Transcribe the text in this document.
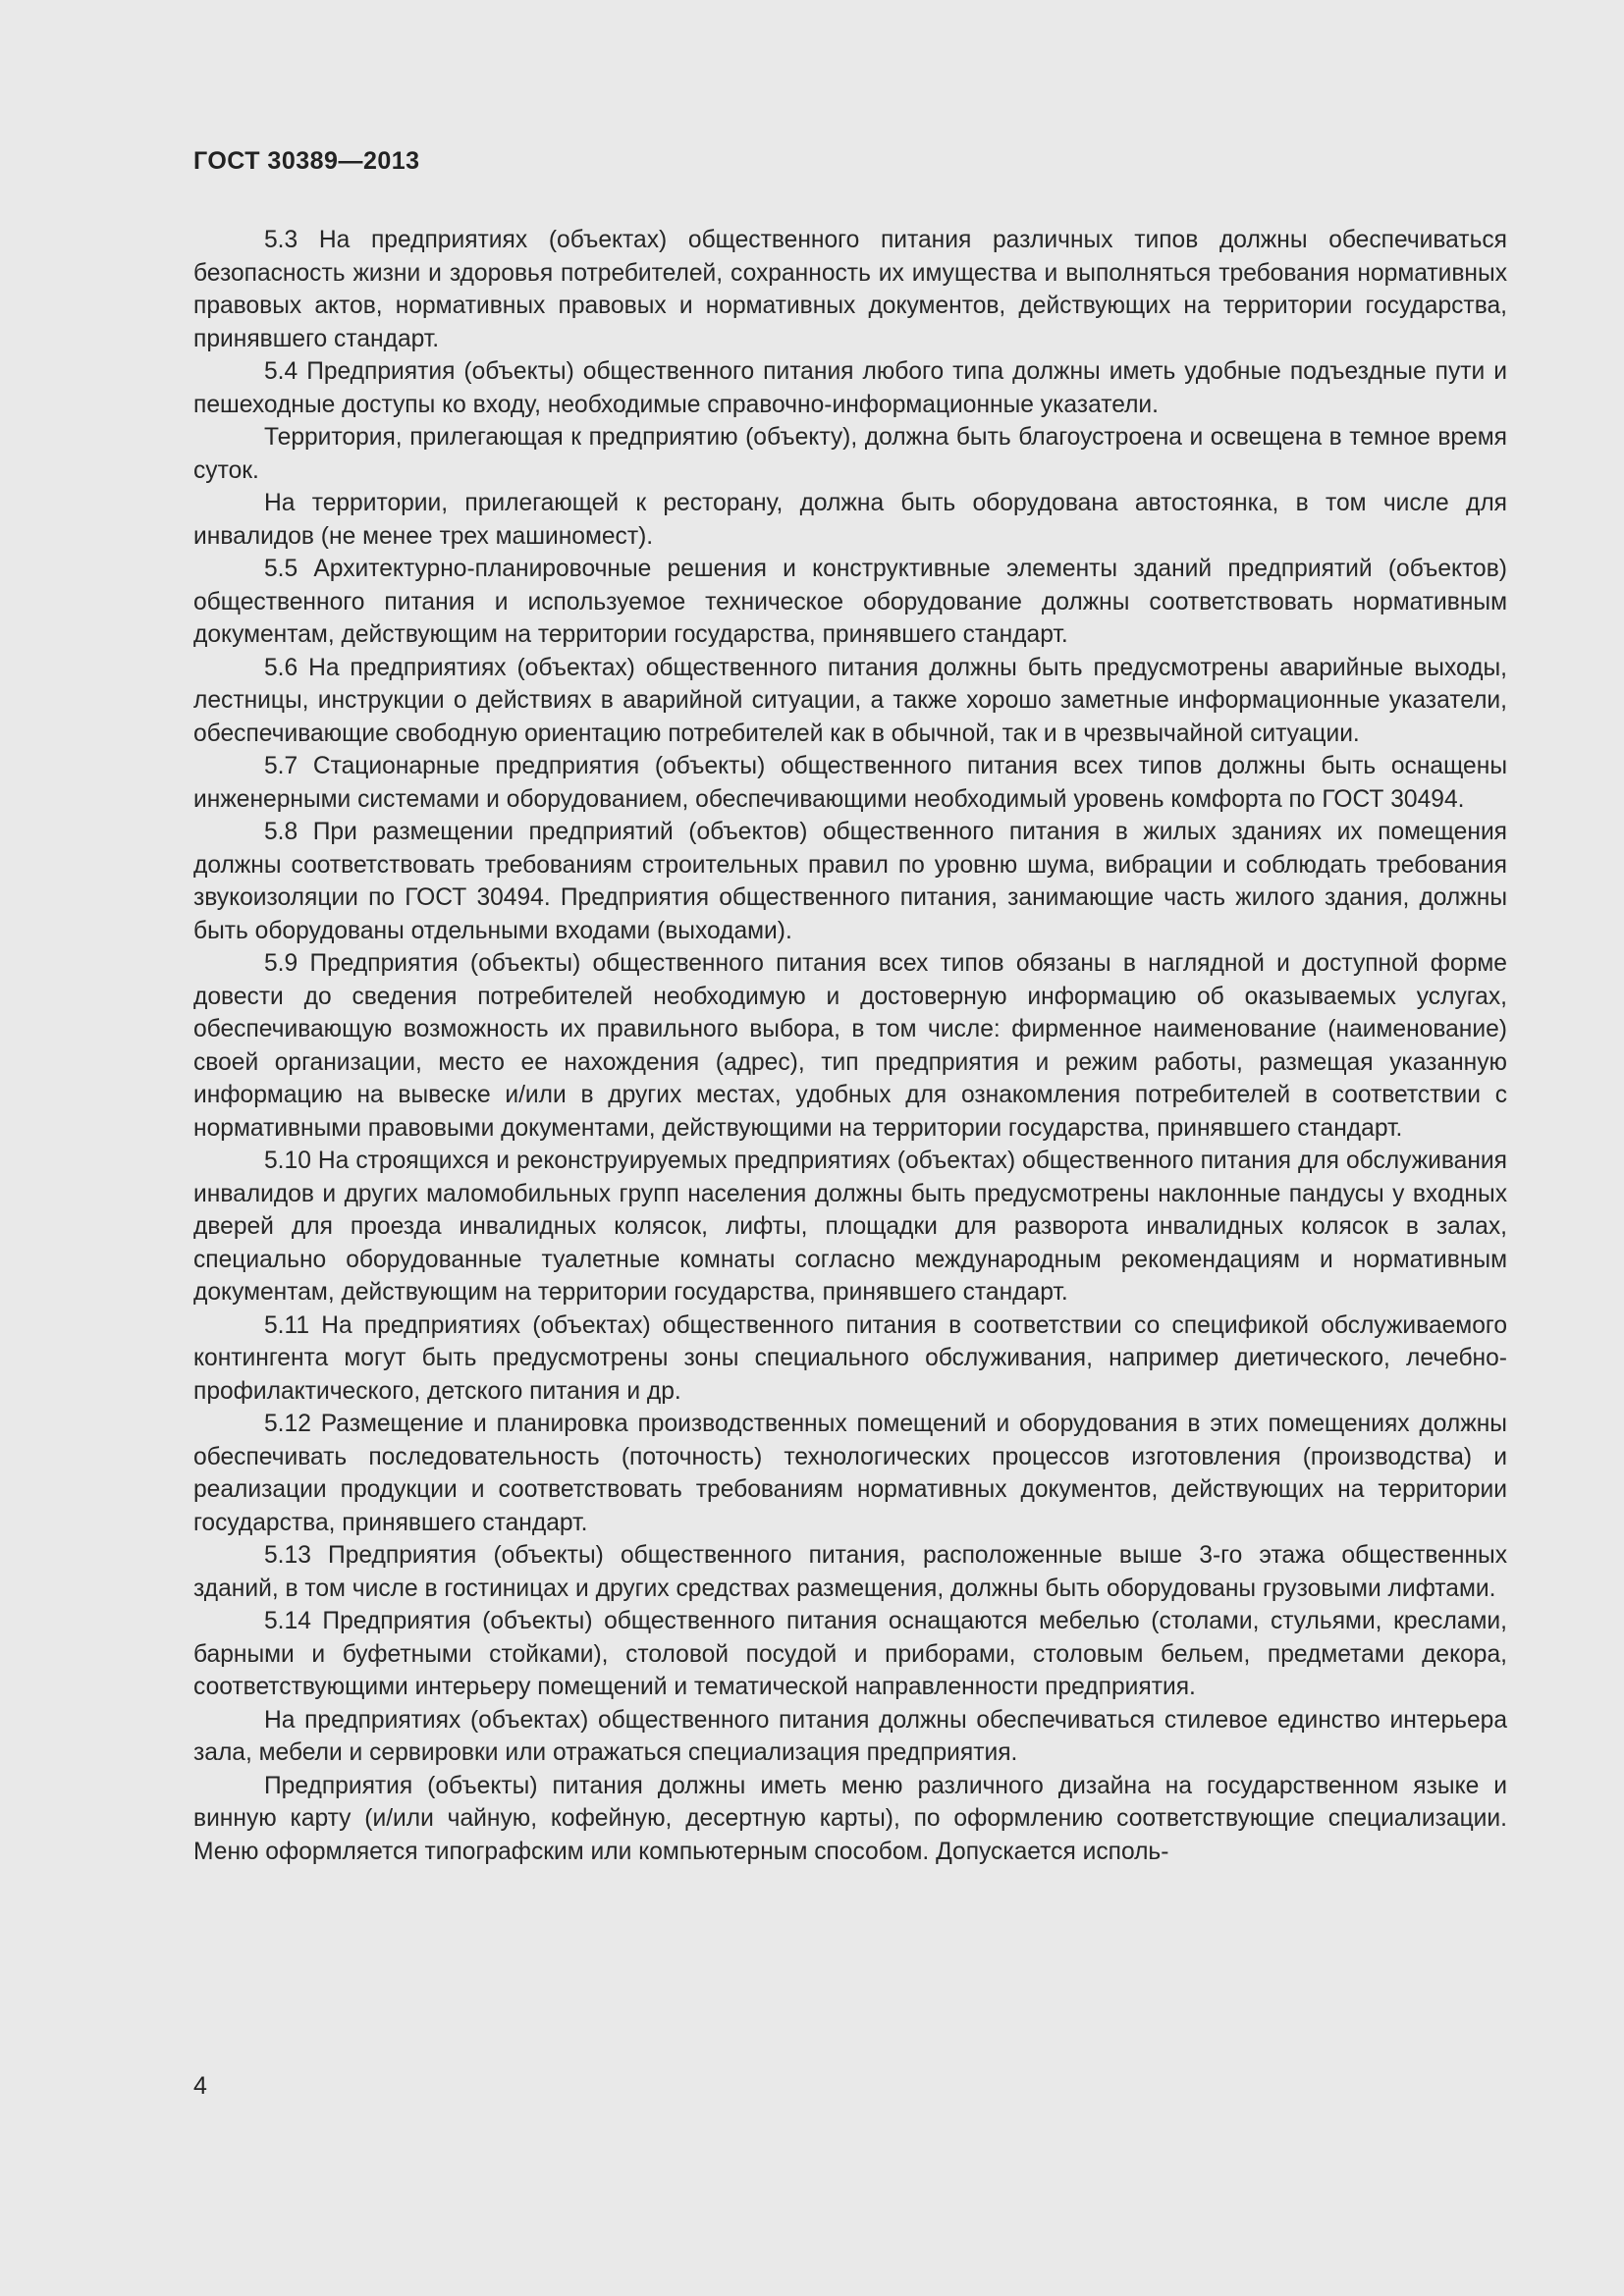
ГОСТ 30389—2013

5.3 На предприятиях (объектах) общественного питания различных типов должны обеспечиваться безопасность жизни и здоровья потребителей, сохранность их имущества и выполняться требования нормативных правовых актов, нормативных правовых и нормативных документов, действующих на территории государства, принявшего стандарт.

5.4 Предприятия (объекты) общественного питания любого типа должны иметь удобные подъездные пути и пешеходные доступы ко входу, необходимые справочно-информационные указатели.

Территория, прилегающая к предприятию (объекту), должна быть благоустроена и освещена в темное время суток.

На территории, прилегающей к ресторану, должна быть оборудована автостоянка, в том числе для инвалидов (не менее трех машиномест).

5.5 Архитектурно-планировочные решения и конструктивные элементы зданий предприятий (объектов) общественного питания и используемое техническое оборудование должны соответствовать нормативным документам, действующим на территории государства, принявшего стандарт.

5.6 На предприятиях (объектах) общественного питания должны быть предусмотрены аварийные выходы, лестницы, инструкции о действиях в аварийной ситуации, а также хорошо заметные информационные указатели, обеспечивающие свободную ориентацию потребителей как в обычной, так и в чрезвычайной ситуации.

5.7 Стационарные предприятия (объекты) общественного питания всех типов должны быть оснащены инженерными системами и оборудованием, обеспечивающими необходимый уровень комфорта по ГОСТ 30494.

5.8 При размещении предприятий (объектов) общественного питания в жилых зданиях их помещения должны соответствовать требованиям строительных правил по уровню шума, вибрации и соблюдать требования звукоизоляции по ГОСТ 30494. Предприятия общественного питания, занимающие часть жилого здания, должны быть оборудованы отдельными входами (выходами).

5.9 Предприятия (объекты) общественного питания всех типов обязаны в наглядной и доступной форме довести до сведения потребителей необходимую и достоверную информацию об оказываемых услугах, обеспечивающую возможность их правильного выбора, в том числе: фирменное наименование (наименование) своей организации, место ее нахождения (адрес), тип предприятия и режим работы, размещая указанную информацию на вывеске и/или в других местах, удобных для ознакомления потребителей в соответствии с нормативными правовыми документами, действующими на территории государства, принявшего стандарт.

5.10 На строящихся и реконструируемых предприятиях (объектах) общественного питания для обслуживания инвалидов и других маломобильных групп населения должны быть предусмотрены наклонные пандусы у входных дверей для проезда инвалидных колясок, лифты, площадки для разворота инвалидных колясок в залах, специально оборудованные туалетные комнаты согласно международным рекомендациям и нормативным документам, действующим на территории государства, принявшего стандарт.

5.11 На предприятиях (объектах) общественного питания в соответствии со спецификой обслуживаемого контингента могут быть предусмотрены зоны специального обслуживания, например диетического, лечебно-профилактического, детского питания и др.

5.12 Размещение и планировка производственных помещений и оборудования в этих помещениях должны обеспечивать последовательность (поточность) технологических процессов изготовления (производства) и реализации продукции и соответствовать требованиям нормативных документов, действующих на территории государства, принявшего стандарт.

5.13 Предприятия (объекты) общественного питания, расположенные выше 3-го этажа общественных зданий, в том числе в гостиницах и других средствах размещения, должны быть оборудованы грузовыми лифтами.

5.14 Предприятия (объекты) общественного питания оснащаются мебелью (столами, стульями, креслами, барными и буфетными стойками), столовой посудой и приборами, столовым бельем, предметами декора, соответствующими интерьеру помещений и тематической направленности предприятия.

На предприятиях (объектах) общественного питания должны обеспечиваться стилевое единство интерьера зала, мебели и сервировки или отражаться специализация предприятия.

Предприятия (объекты) питания должны иметь меню различного дизайна на государственном языке и винную карту (и/или чайную, кофейную, десертную карты), по оформлению соответствующие специализации. Меню оформляется типографским или компьютерным способом. Допускается исполь-

4
